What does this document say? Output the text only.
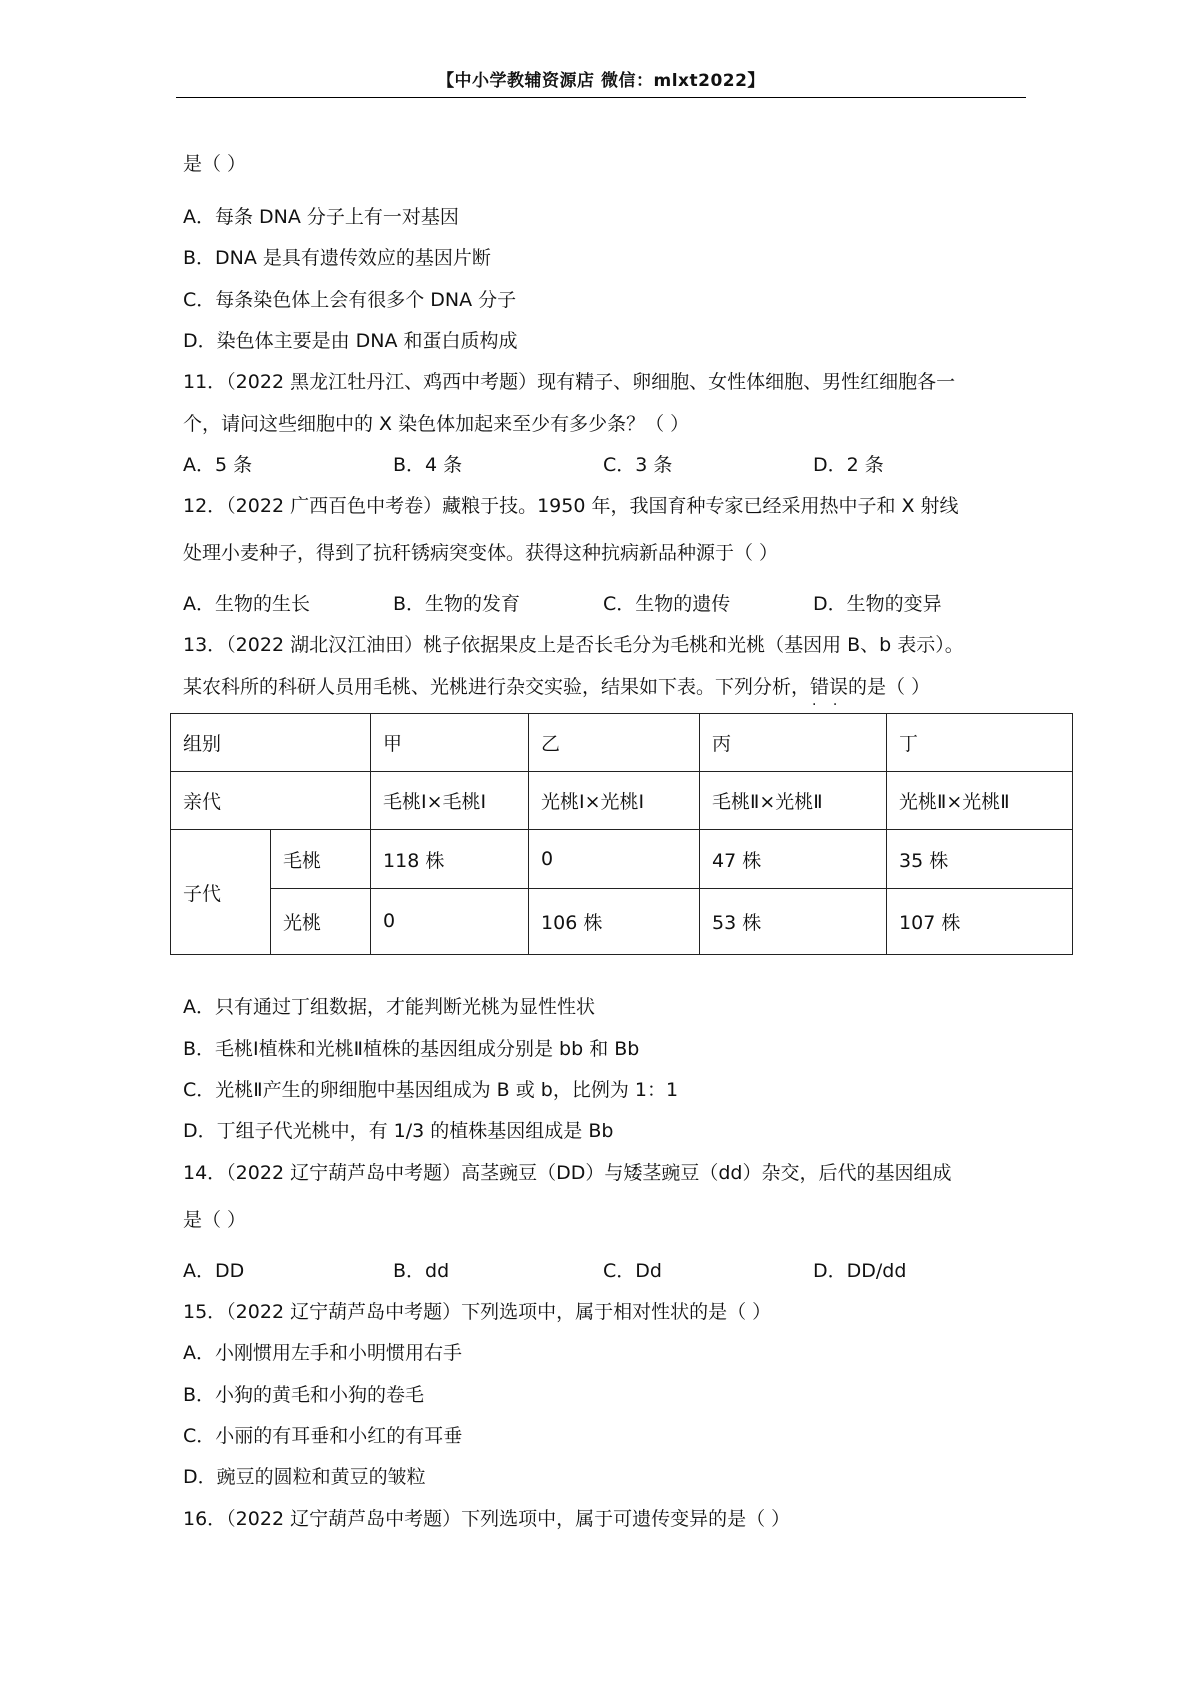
【中小学教辅资源店 微信：mlxt2022】
是（ ）
A．每条 DNA 分子上有一对基因
B．DNA 是具有遗传效应的基因片断
C．每条染色体上会有很多个 DNA 分子
D．染色体主要是由 DNA 和蛋白质构成
11．（2022 黑龙江牡丹江、鸡西中考题）现有精子、卵细胞、女性体细胞、男性红细胞各一
个，请问这些细胞中的 X 染色体加起来至少有多少条？（ ）
A．5 条	B．4 条	C．3 条	D．2 条
12．（2022 广西百色中考卷）藏粮于技。1950 年，我国育种专家已经采用热中子和 X 射线
处理小麦种子，得到了抗秆锈病突变体。获得这种抗病新品种源于（ ）
A．生物的生长	B．生物的发育	C．生物的遗传	D．生物的变异
13．（2022 湖北汉江油田）桃子依据果皮上是否长毛分为毛桃和光桃（基因用 B、b 表示）。
某农科所的科研人员用毛桃、光桃进行杂交实验，结果如下表。下列分析，错误 · ·的是（ ）
组别		甲	乙	丙	丁
亲代		毛桃Ⅰ×毛桃Ⅰ	光桃Ⅰ×光桃Ⅰ	毛桃Ⅱ×光桃Ⅱ	光桃Ⅱ×光桃Ⅱ
子代	毛桃	118 株	0	47 株	35 株
	光桃	0	106 株	53 株	107 株
A．只有通过丁组数据，才能判断光桃为显性性状
B．毛桃Ⅰ植株和光桃Ⅱ植株的基因组成分别是 bb 和 Bb
C．光桃Ⅱ产生的卵细胞中基因组成为 B 或 b，比例为 1：1
D．丁组子代光桃中，有 1/3 的植株基因组成是 Bb
14．（2022 辽宁葫芦岛中考题）高茎豌豆（DD）与矮茎豌豆（dd）杂交，后代的基因组成
是（ ）
A．DD	B．dd	C．Dd	D．DD/dd
15．（2022 辽宁葫芦岛中考题）下列选项中，属于相对性状的是（ ）
A．小刚惯用左手和小明惯用右手
B．小狗的黄毛和小狗的卷毛
C．小丽的有耳垂和小红的有耳垂
D．豌豆的圆粒和黄豆的皱粒
16．（2022 辽宁葫芦岛中考题）下列选项中，属于可遗传变异的是（ ）
